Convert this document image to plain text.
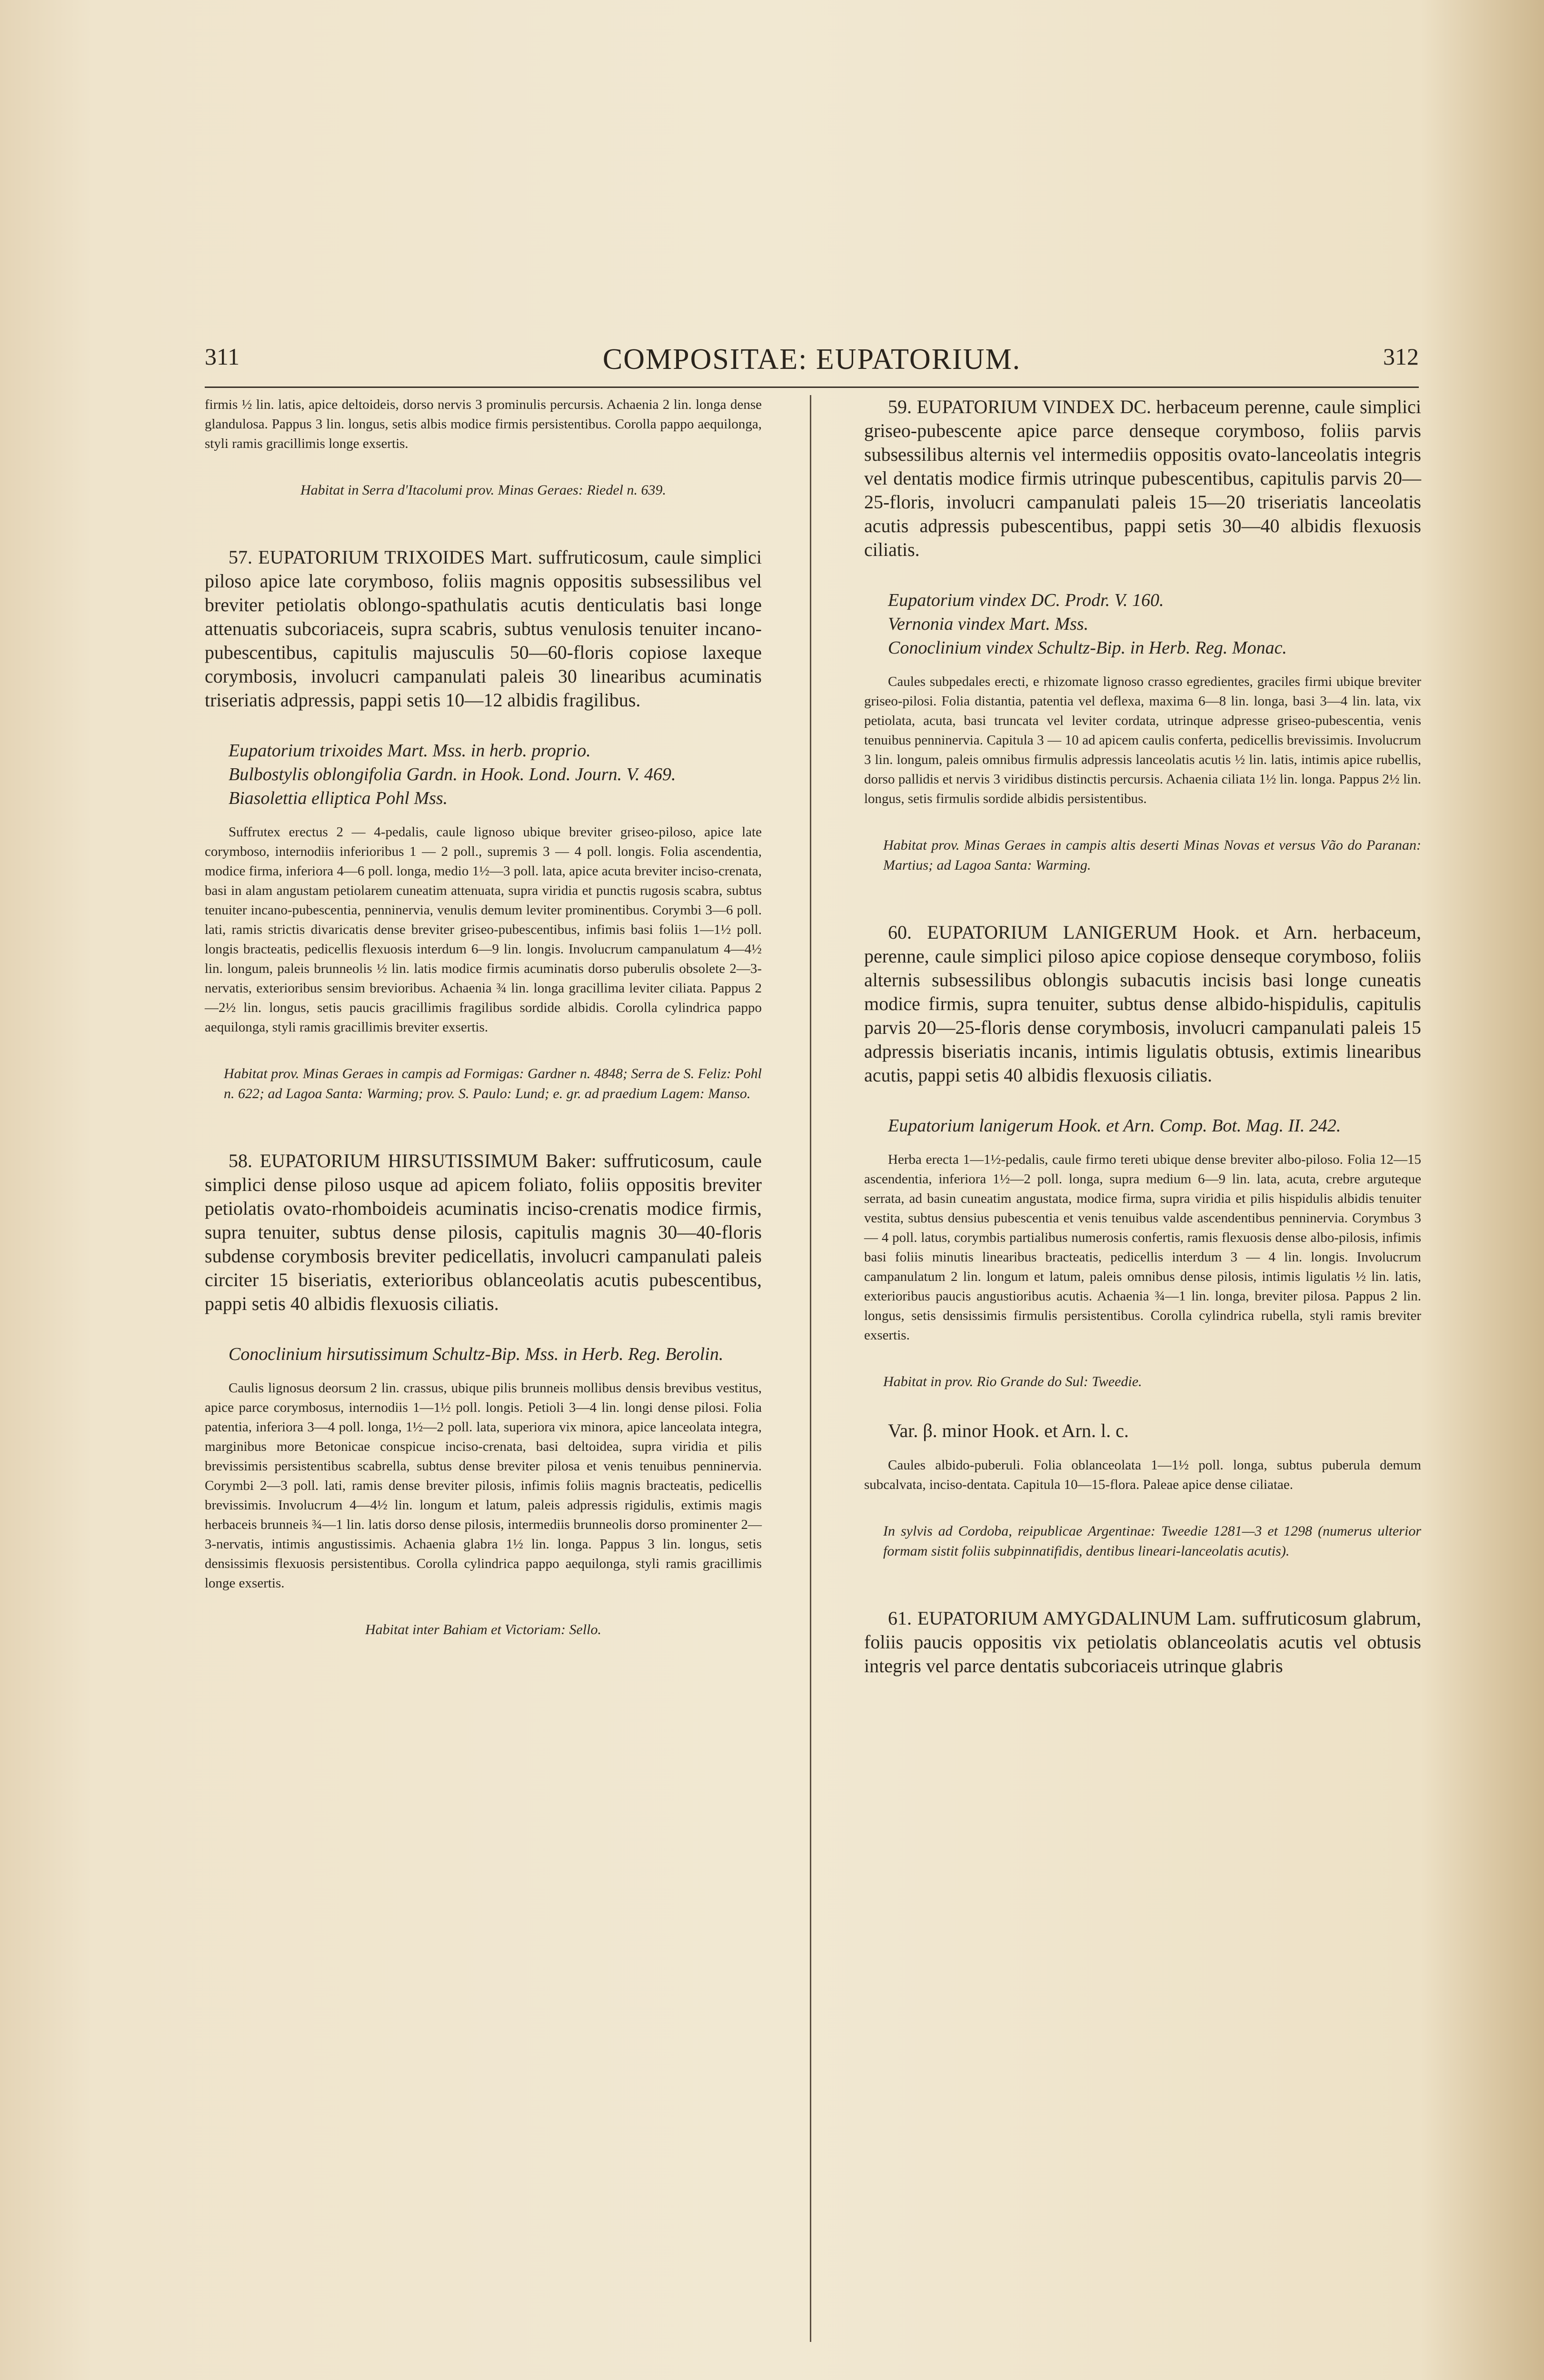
311	COMPOSITAE: EUPATORIUM.	312

firmis ½ lin. latis, apice deltoideis, dorso nervis 3 prominulis percursis. Achaenia 2 lin. longa dense glandulosa. Pappus 3 lin. longus, setis albis modice firmis persistentibus. Corolla pappo aequilonga, styli ramis gracillimis longe exsertis.

Habitat in Serra d'Itacolumi prov. Minas Geraes: Riedel n. 639.

57. EUPATORIUM TRIXOIDES Mart. suffruticosum, caule simplici piloso apice late corymboso, foliis magnis oppositis subsessilibus vel breviter petiolatis oblongo-spathulatis acutis denticulatis basi longe attenuatis subcoriaceis, supra scabris, subtus venulosis tenuiter incano-pubescentibus, capitulis majusculis 50—60-floris copiose laxeque corymbosis, involucri campanulati paleis 30 linearibus acuminatis triseriatis adpressis, pappi setis 10—12 albidis fragilibus.

Eupatorium trixoides Mart. Mss. in herb. proprio.

Bulbostylis oblongifolia Gardn. in Hook. Lond. Journ. V. 469.

Biasolettia elliptica Pohl Mss.

Suffrutex erectus 2 — 4-pedalis, caule lignoso ubique breviter griseo-piloso, apice late corymboso, internodiis inferioribus 1 — 2 poll., supremis 3 — 4 poll. longis. Folia ascendentia, modice firma, inferiora 4—6 poll. longa, medio 1½—3 poll. lata, apice acuta breviter inciso-crenata, basi in alam angustam petiolarem cuneatim attenuata, supra viridia et punctis rugosis scabra, subtus tenuiter incano-pubescentia, penninervia, venulis demum leviter prominentibus. Corymbi 3—6 poll. lati, ramis strictis divaricatis dense breviter griseo-pubescentibus, infimis basi foliis 1—1½ poll. longis bracteatis, pedicellis flexuosis interdum 6—9 lin. longis. Involucrum campanulatum 4—4½ lin. longum, paleis brunneolis ½ lin. latis modice firmis acuminatis dorso puberulis obsolete 2—3-nervatis, exterioribus sensim brevioribus. Achaenia ¾ lin. longa gracillima leviter ciliata. Pappus 2—2½ lin. longus, setis paucis gracillimis fragilibus sordide albidis. Corolla cylindrica pappo aequilonga, styli ramis gracillimis breviter exsertis.

Habitat prov. Minas Geraes in campis ad Formigas: Gardner n. 4848; Serra de S. Feliz: Pohl n. 622; ad Lagoa Santa: Warming; prov. S. Paulo: Lund; e. gr. ad praedium Lagem: Manso.

58. EUPATORIUM HIRSUTISSIMUM Baker: suffruticosum, caule simplici dense piloso usque ad apicem foliato, foliis oppositis breviter petiolatis ovato-rhomboideis acuminatis inciso-crenatis modice firmis, supra tenuiter, subtus dense pilosis, capitulis magnis 30—40-floris subdense corymbosis breviter pedicellatis, involucri campanulati paleis circiter 15 biseriatis, exterioribus oblanceolatis acutis pubescentibus, pappi setis 40 albidis flexuosis ciliatis.

Conoclinium hirsutissimum Schultz-Bip. Mss. in Herb. Reg. Berolin.

Caulis lignosus deorsum 2 lin. crassus, ubique pilis brunneis mollibus densis brevibus vestitus, apice parce corymbosus, internodiis 1—1½ poll. longis. Petioli 3—4 lin. longi dense pilosi. Folia patentia, inferiora 3—4 poll. longa, 1½—2 poll. lata, superiora vix minora, apice lanceolata integra, marginibus more Betonicae conspicue inciso-crenata, basi deltoidea, supra viridia et pilis brevissimis persistentibus scabrella, subtus dense breviter pilosa et venis tenuibus penninervia. Corymbi 2—3 poll. lati, ramis dense breviter pilosis, infimis foliis magnis bracteatis, pedicellis brevissimis. Involucrum 4—4½ lin. longum et latum, paleis adpressis rigidulis, extimis magis herbaceis brunneis ¾—1 lin. latis dorso dense pilosis, intermediis brunneolis dorso prominenter 2—3-nervatis, intimis angustissimis. Achaenia glabra 1½ lin. longa. Pappus 3 lin. longus, setis densissimis flexuosis persistentibus. Corolla cylindrica pappo aequilonga, styli ramis gracillimis longe exsertis.

Habitat inter Bahiam et Victoriam: Sello.

59. EUPATORIUM VINDEX DC. herbaceum perenne, caule simplici griseo-pubescente apice parce denseque corymboso, foliis parvis subsessilibus alternis vel intermediis oppositis ovato-lanceolatis integris vel dentatis modice firmis utrinque pubescentibus, capitulis parvis 20—25-floris, involucri campanulati paleis 15—20 triseriatis lanceolatis acutis adpressis pubescentibus, pappi setis 30—40 albidis flexuosis ciliatis.

Eupatorium vindex DC. Prodr. V. 160.

Vernonia vindex Mart. Mss.

Conoclinium vindex Schultz-Bip. in Herb. Reg. Monac.

Caules subpedales erecti, e rhizomate lignoso crasso egredientes, graciles firmi ubique breviter griseo-pilosi. Folia distantia, patentia vel deflexa, maxima 6—8 lin. longa, basi 3—4 lin. lata, vix petiolata, acuta, basi truncata vel leviter cordata, utrinque adpresse griseo-pubescentia, venis tenuibus penninervia. Capitula 3 — 10 ad apicem caulis conferta, pedicellis brevissimis. Involucrum 3 lin. longum, paleis omnibus firmulis adpressis lanceolatis acutis ½ lin. latis, intimis apice rubellis, dorso pallidis et nervis 3 viridibus distinctis percursis. Achaenia ciliata 1½ lin. longa. Pappus 2½ lin. longus, setis firmulis sordide albidis persistentibus.

Habitat prov. Minas Geraes in campis altis deserti Minas Novas et versus Vão do Paranan: Martius; ad Lagoa Santa: Warming.

60. EUPATORIUM LANIGERUM Hook. et Arn. herbaceum, perenne, caule simplici piloso apice copiose denseque corymboso, foliis alternis subsessilibus oblongis subacutis incisis basi longe cuneatis modice firmis, supra tenuiter, subtus dense albido-hispidulis, capitulis parvis 20—25-floris dense corymbosis, involucri campanulati paleis 15 adpressis biseriatis incanis, intimis ligulatis obtusis, extimis linearibus acutis, pappi setis 40 albidis flexuosis ciliatis.

Eupatorium lanigerum Hook. et Arn. Comp. Bot. Mag. II. 242.

Herba erecta 1—1½-pedalis, caule firmo tereti ubique dense breviter albo-piloso. Folia 12—15 ascendentia, inferiora 1½—2 poll. longa, supra medium 6—9 lin. lata, acuta, crebre arguteque serrata, ad basin cuneatim angustata, modice firma, supra viridia et pilis hispidulis albidis tenuiter vestita, subtus densius pubescentia et venis tenuibus valde ascendentibus penninervia. Corymbus 3 — 4 poll. latus, corymbis partialibus numerosis confertis, ramis flexuosis dense albo-pilosis, infimis basi foliis minutis linearibus bracteatis, pedicellis interdum 3 — 4 lin. longis. Involucrum campanulatum 2 lin. longum et latum, paleis omnibus dense pilosis, intimis ligulatis ½ lin. latis, exterioribus paucis angustioribus acutis. Achaenia ¾—1 lin. longa, breviter pilosa. Pappus 2 lin. longus, setis densissimis firmulis persistentibus. Corolla cylindrica rubella, styli ramis breviter exsertis.

Habitat in prov. Rio Grande do Sul: Tweedie.

Var. β. minor Hook. et Arn. l. c.

Caules albido-puberuli. Folia oblanceolata 1—1½ poll. longa, subtus puberula demum subcalvata, inciso-dentata. Capitula 10—15-flora. Paleae apice dense ciliatae.

In sylvis ad Cordoba, reipublicae Argentinae: Tweedie 1281—3 et 1298 (numerus ulterior formam sistit foliis subpinnatifidis, dentibus lineari-lanceolatis acutis).

61. EUPATORIUM AMYGDALINUM Lam. suffruticosum glabrum, foliis paucis oppositis vix petiolatis oblanceolatis acutis vel obtusis integris vel parce dentatis subcoriaceis utrinque glabris
